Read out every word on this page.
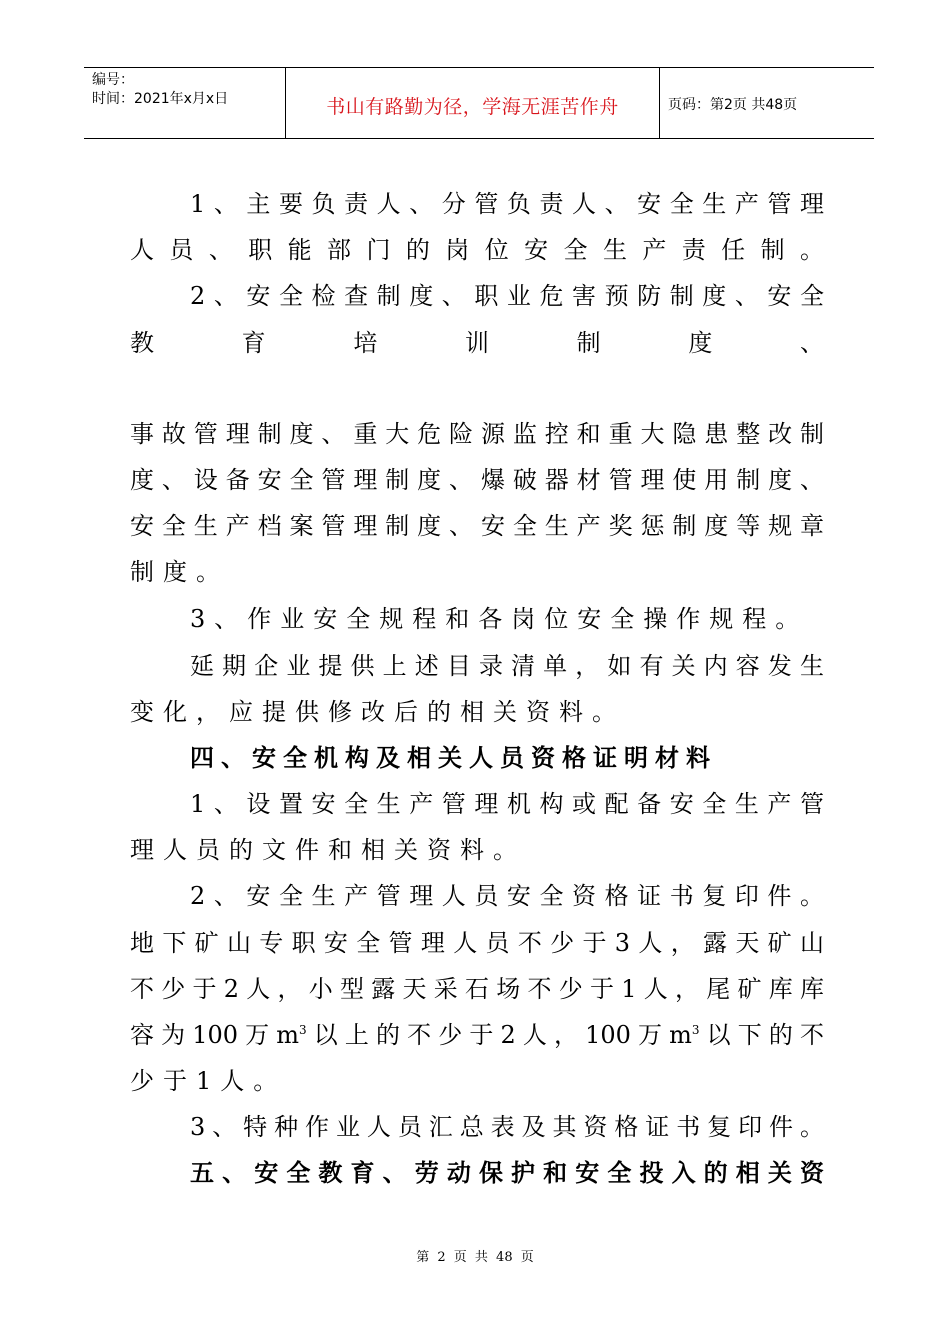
编号：
时间：2021年x月x日	书山有路勤为径，学海无涯苦作舟	页码：第2页 共48页
1、主要负责人、分管负责人、安全生产管理
人员、职能部门的岗位安全生产责任制。
2、安全检查制度、职业危害预防制度、安全
教育培训制度、
事故管理制度、重大危险源监控和重大隐患整改制
度、设备安全管理制度、爆破器材管理使用制度、
安全生产档案管理制度、安全生产奖惩制度等规章
制度。
3、作业安全规程和各岗位安全操作规程。
延期企业提供上述目录清单，如有关内容发生
变化，应提供修改后的相关资料。
四、安全机构及相关人员资格证明材料
1、设置安全生产管理机构或配备安全生产管
理人员的文件和相关资料。
2、安全生产管理人员安全资格证书复印件。
地下矿山专职安全管理人员不少于3人，露天矿山
不少于2人，小型露天采石场不少于1人，尾矿库库
容为100万$m^3$以上的不少于2人，100万$m^3$以下的不
少于1人。
3、特种作业人员汇总表及其资格证书复印件。
五、安全教育、劳动保护和安全投入的相关资
第 2 页 共 48 页
